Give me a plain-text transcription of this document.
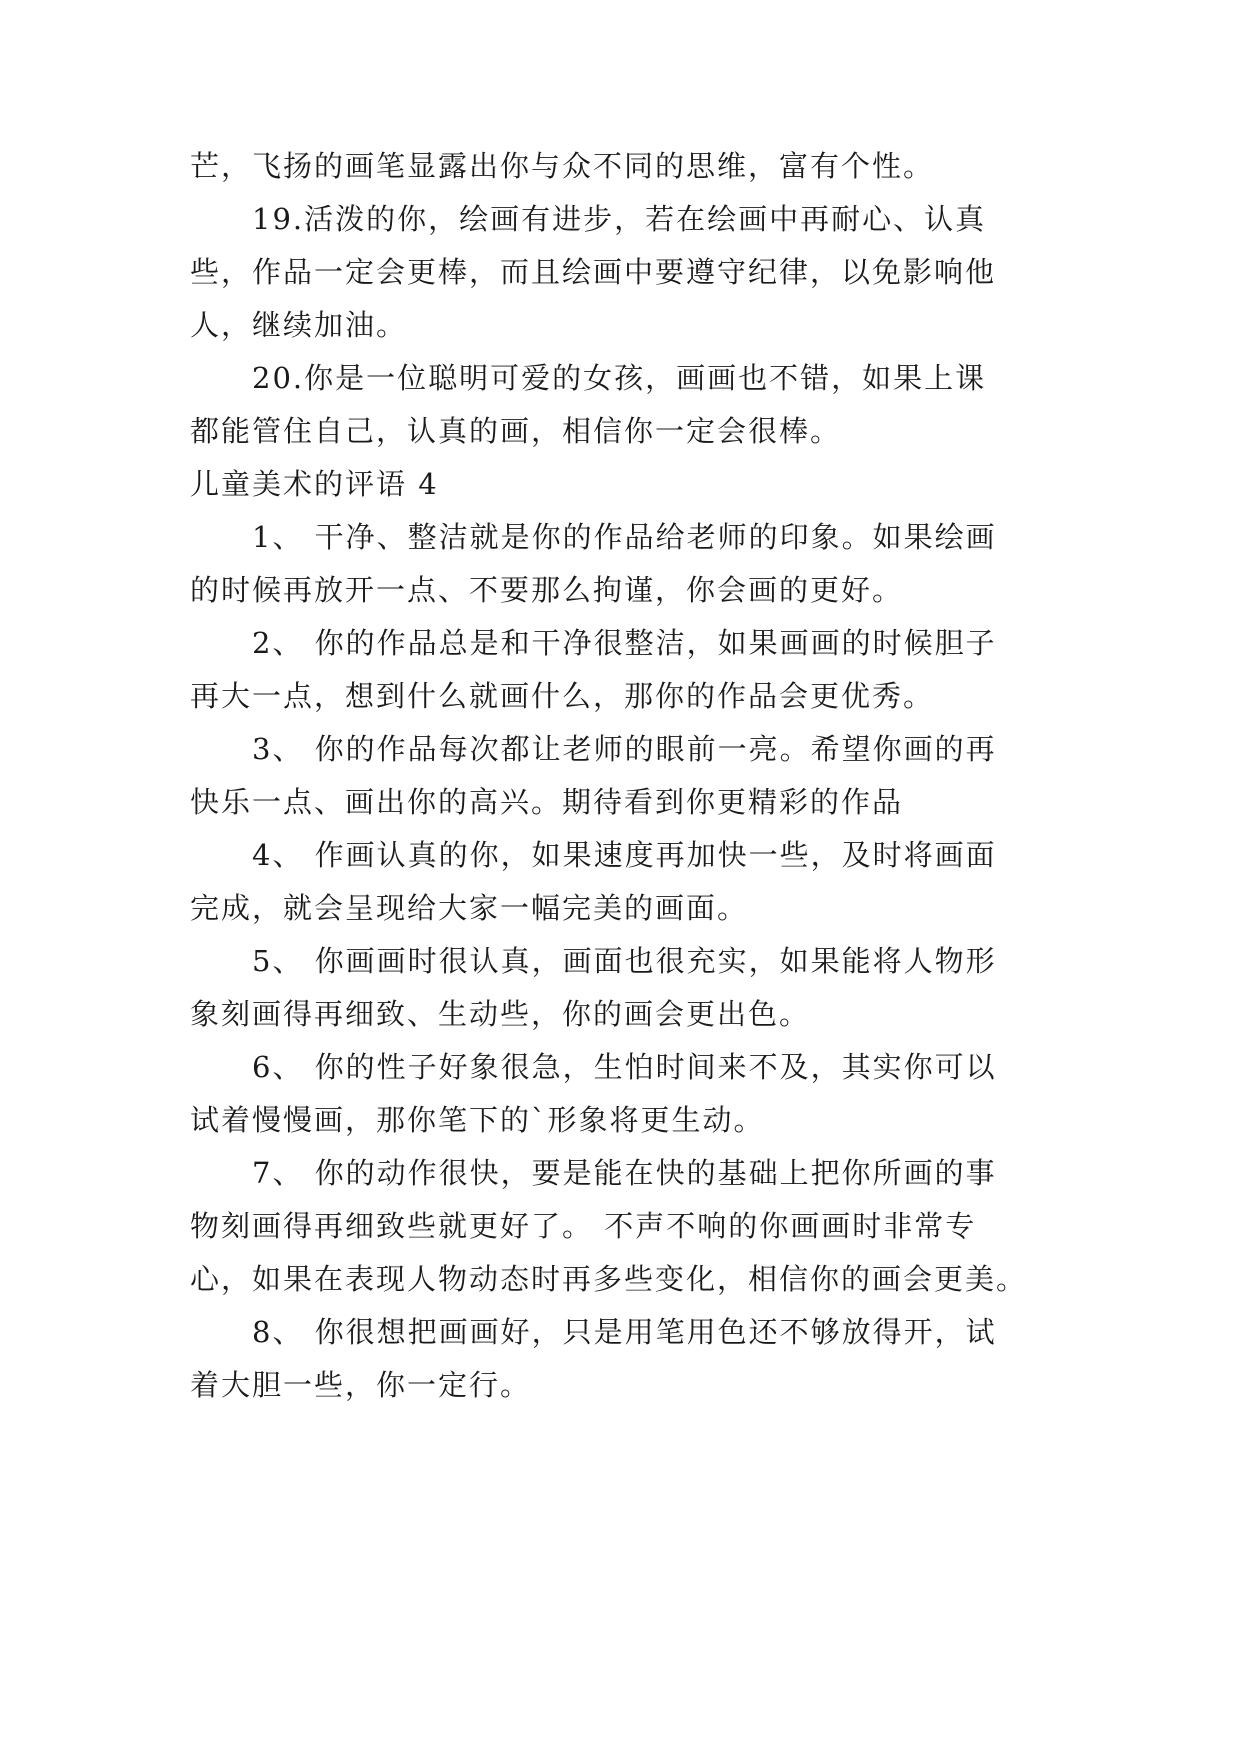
芒，飞扬的画笔显露出你与众不同的思维，富有个性。
19.活泼的你，绘画有进步，若在绘画中再耐心、认真
些，作品一定会更棒，而且绘画中要遵守纪律，以免影响他
人，继续加油。
20.你是一位聪明可爱的女孩，画画也不错，如果上课
都能管住自己，认真的画，相信你一定会很棒。
儿童美术的评语 4
1、 干净、整洁就是你的作品给老师的印象。如果绘画
的时候再放开一点、不要那么拘谨，你会画的更好。
2、 你的作品总是和干净很整洁，如果画画的时候胆子
再大一点，想到什么就画什么，那你的作品会更优秀。
3、 你的作品每次都让老师的眼前一亮。希望你画的再
快乐一点、画出你的高兴。期待看到你更精彩的作品
4、 作画认真的你，如果速度再加快一些，及时将画面
完成，就会呈现给大家一幅完美的画面。
5、 你画画时很认真，画面也很充实，如果能将人物形
象刻画得再细致、生动些，你的画会更出色。
6、 你的性子好象很急，生怕时间来不及，其实你可以
试着慢慢画，那你笔下的`形象将更生动。
7、 你的动作很快，要是能在快的基础上把你所画的事
物刻画得再细致些就更好了。 不声不响的你画画时非常专
心，如果在表现人物动态时再多些变化，相信你的画会更美。
8、 你很想把画画好，只是用笔用色还不够放得开，试
着大胆一些，你一定行。
